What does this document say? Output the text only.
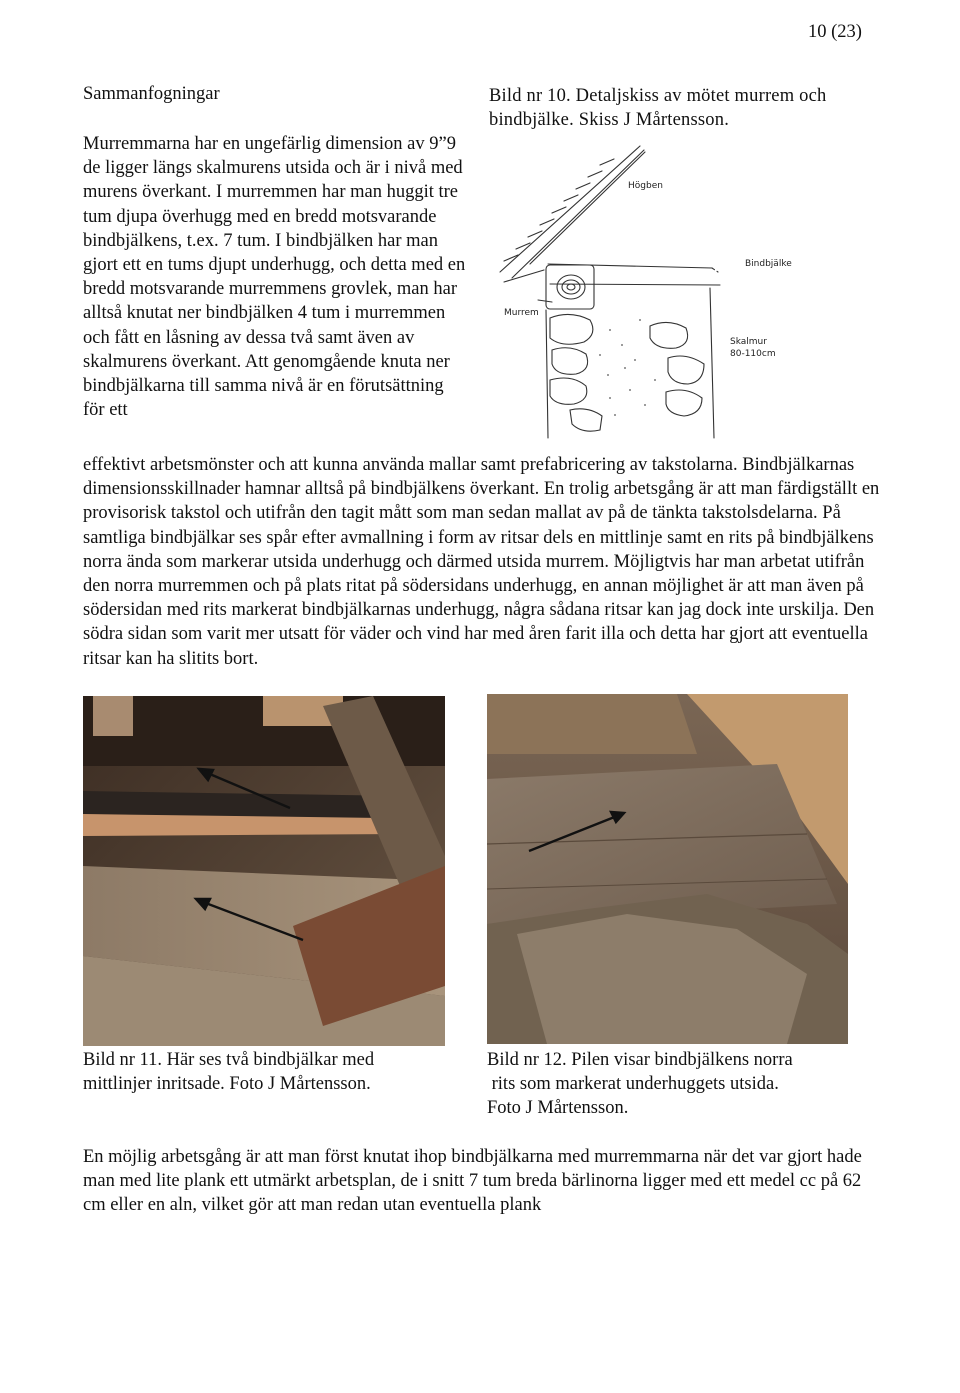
10 (23)
Sammanfogningar

Murremmarna har en ungefärlig dimension av 9”9 de ligger längs skalmurens utsida och är i nivå med murens överkant. I murremmen har man huggit tre tum djupa överhugg med en bredd motsvarande bindbjälkens, t.ex. 7 tum. I bindbjälken har man gjort ett en tums djupt underhugg, och detta med en bredd motsvarande murremmens grovlek, man har alltså knutat ner bindbjälken 4 tum i murremmen och fått en låsning av dessa två samt även av skalmurens överkant. Att genomgående knuta ner bindbjälkarna till samma nivå är en förutsättning för ett

Bild nr 10. Detaljskiss av mötet murrem och bindbjälke. Skiss J Mårtensson.
Högben
Bindbjälke
Murrem
Skalmur
80-110cm

effektivt arbetsmönster och att kunna använda mallar samt prefabricering av takstolarna. Bindbjälkarnas dimensionsskillnader hamnar alltså på bindbjälkens överkant. En trolig arbetsgång är att man färdigställt en provisorisk takstol och utifrån den tagit mått som man sedan mallat av på de tänkta takstolsdelarna. På samtliga bindbjälkar ses spår efter avmallning i form av ritsar dels en mittlinje samt en rits på bindbjälkens norra ända som markerar utsida underhugg och därmed utsida murrem. Möjligtvis har man arbetat utifrån den norra murremmen och på plats ritat på södersidans underhugg, en annan möjlighet är att man även på södersidan med rits markerat bindbjälkarnas underhugg, några sådana ritsar kan jag dock inte urskilja. Den södra sidan som varit mer utsatt för väder och vind har med åren farit illa och detta har gjort att eventuella ritsar kan ha slitits bort.

Bild nr 11. Här ses två bindbjälkar med
mittlinjer inritsade. Foto J Mårtensson.
Bild nr 12. Pilen visar bindbjälkens norra
rits som markerat underhuggets utsida.
Foto J Mårtensson.

En möjlig arbetsgång är att man först knutat ihop bindbjälkarna med murremmarna när det var gjort hade man med lite plank ett utmärkt arbetsplan, de i snitt 7 tum breda bärlinorna ligger med ett medel cc på 62 cm eller en aln, vilket gör att man redan utan eventuella plank
